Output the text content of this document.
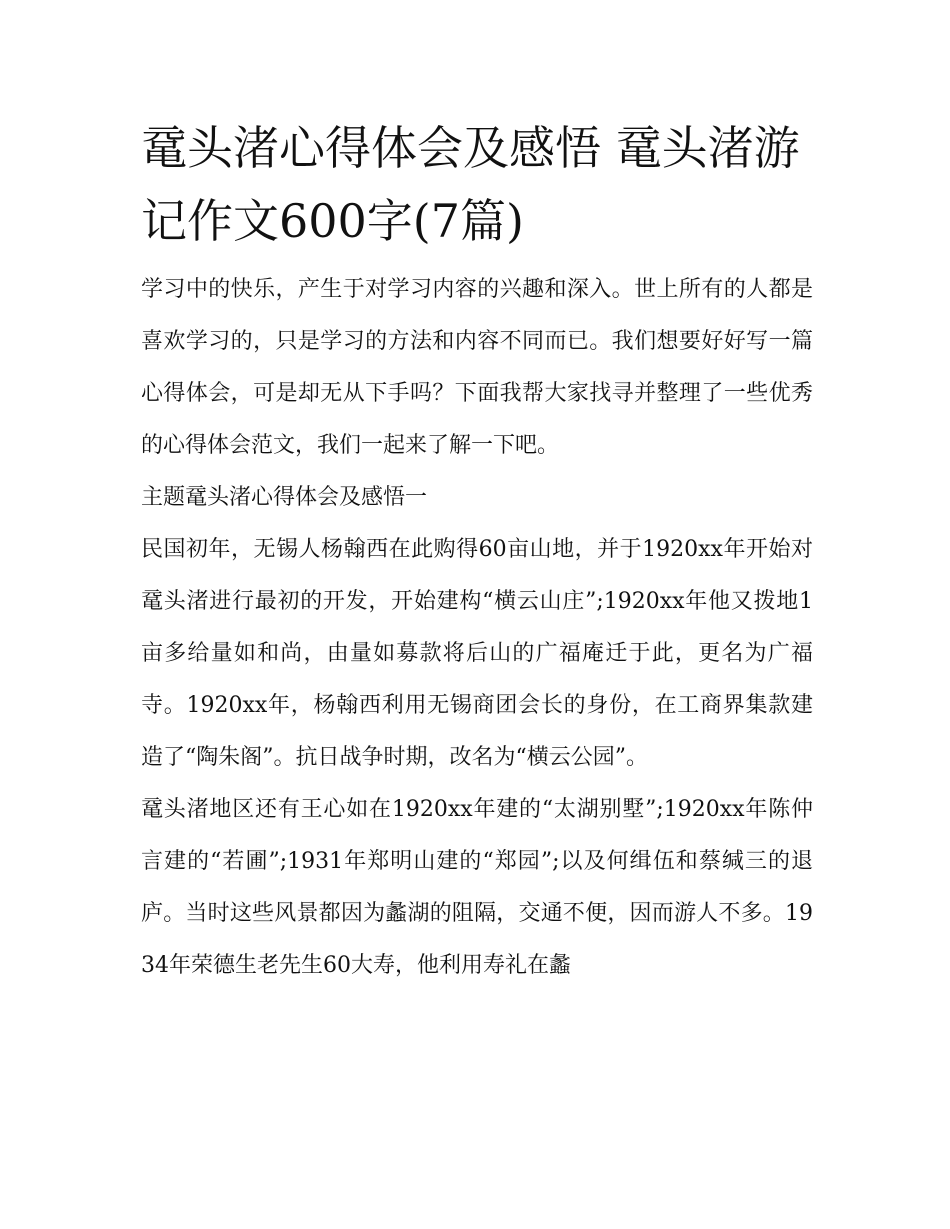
鼋头渚心得体会及感悟 鼋头渚游记作文600字(7篇)

学习中的快乐，产生于对学习内容的兴趣和深入。世上所有的人都是喜欢学习的，只是学习的方法和内容不同而已。我们想要好好写一篇心得体会，可是却无从下手吗？下面我帮大家找寻并整理了一些优秀的心得体会范文，我们一起来了解一下吧。

主题鼋头渚心得体会及感悟一

民国初年，无锡人杨翰西在此购得60亩山地，并于1920xx年开始对鼋头渚进行最初的开发，开始建构“横云山庄”;1920xx年他又拨地1亩多给量如和尚，由量如募款将后山的广福庵迁于此，更名为广福寺。1920xx年，杨翰西利用无锡商团会长的身份，在工商界集款建造了“陶朱阁”。抗日战争时期，改名为“横云公园”。

鼋头渚地区还有王心如在1920xx年建的“太湖别墅”;1920xx年陈仲言建的“若圃”;1931年郑明山建的“郑园”;以及何缉伍和蔡缄三的退庐。当时这些风景都因为蠡湖的阻隔，交通不便，因而游人不多。1934年荣德生老先生60大寿，他利用寿礼在蠡
